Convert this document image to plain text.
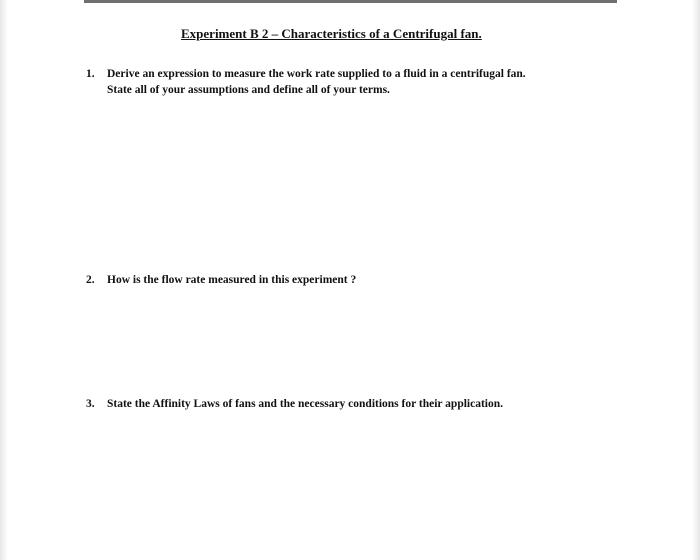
Experiment B 2 – Characteristics of a Centrifugal fan.
1.	Derive an expression to measure the work rate supplied to a fluid in a centrifugal fan.
State all of your assumptions and define all of your terms.
2.	How is the flow rate measured in this experiment ?
3.	State the Affinity Laws of fans and the necessary conditions for their application.
